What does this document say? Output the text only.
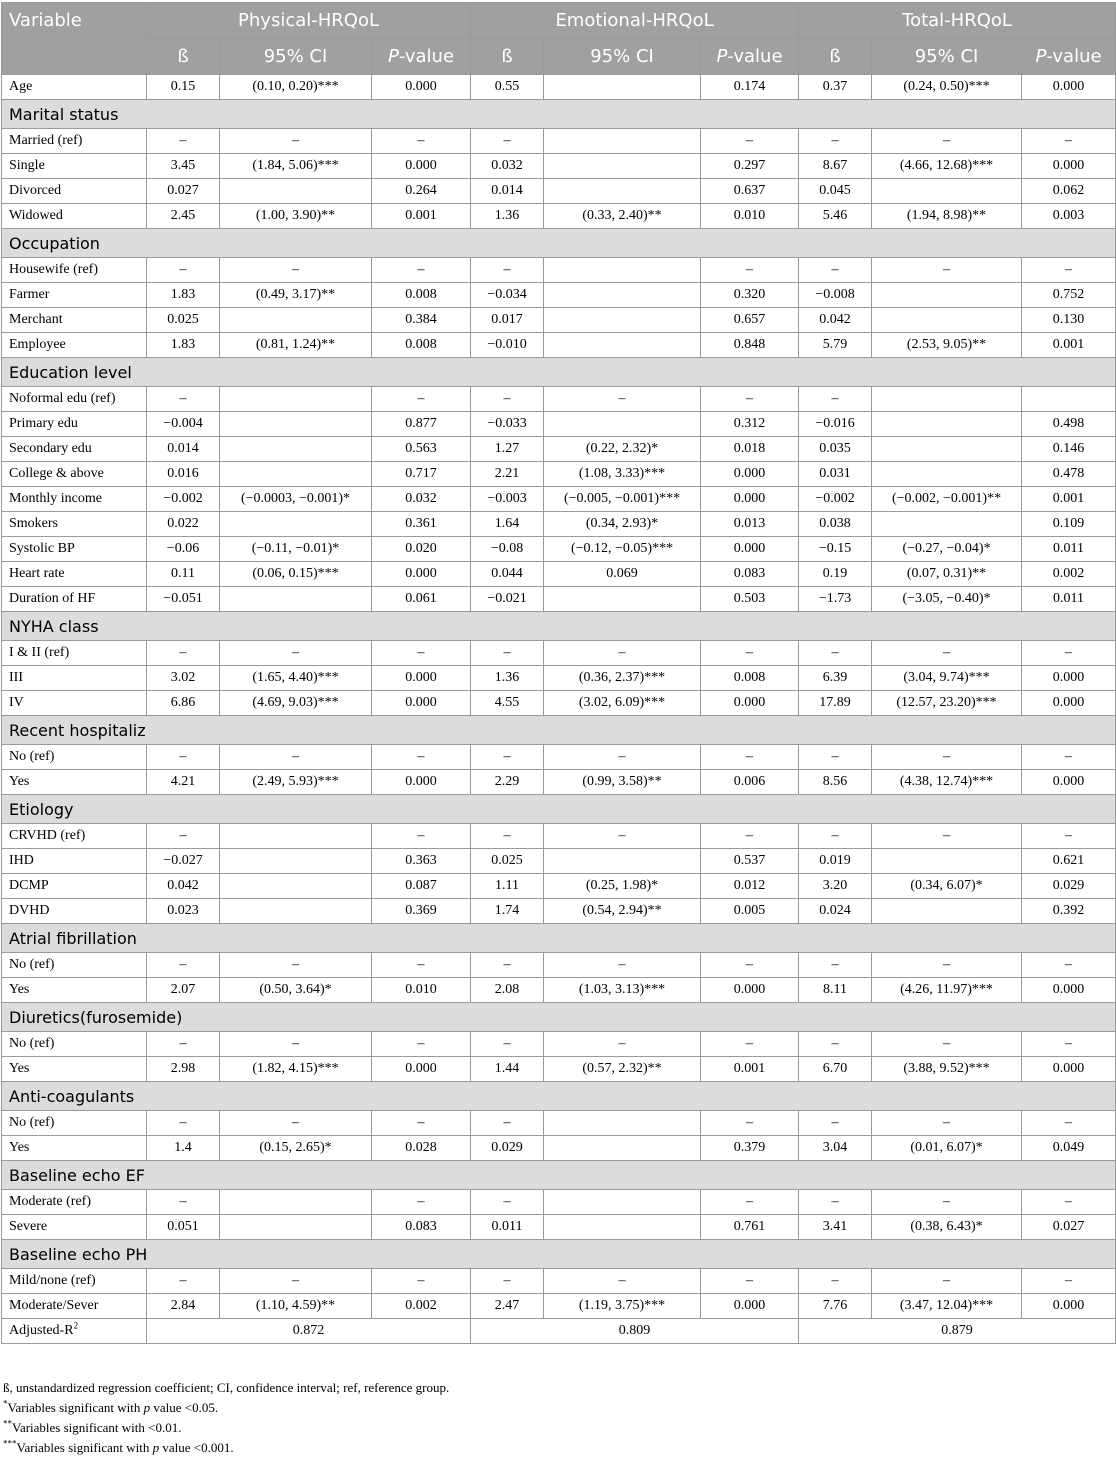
Variable	Physical-HRQoL			Emotional-HRQoL			Total-HRQoL		
	ß	95% CI	P-value	ß	95% CI	P-value	ß	95% CI	P-value
Age	0.15	(0.10, 0.20)***	0.000	0.55		0.174	0.37	(0.24, 0.50)***	0.000
Marital status									
Married (ref)	–	–	–	–		–	–	–	–
Single	3.45	(1.84, 5.06)***	0.000	0.032		0.297	8.67	(4.66, 12.68)***	0.000
Divorced	0.027		0.264	0.014		0.637	0.045		0.062
Widowed	2.45	(1.00, 3.90)**	0.001	1.36	(0.33, 2.40)**	0.010	5.46	(1.94, 8.98)**	0.003
Occupation									
Housewife (ref)	–	–	–	–		–	–	–	–
Farmer	1.83	(0.49, 3.17)**	0.008	−0.034		0.320	−0.008		0.752
Merchant	0.025		0.384	0.017		0.657	0.042		0.130
Employee	1.83	(0.81, 1.24)**	0.008	−0.010		0.848	5.79	(2.53, 9.05)**	0.001
Education level									
Noformal edu (ref)	–		–	–	–	–	–		
Primary edu	−0.004		0.877	−0.033		0.312	−0.016		0.498
Secondary edu	0.014		0.563	1.27	(0.22, 2.32)*	0.018	0.035		0.146
College & above	0.016		0.717	2.21	(1.08, 3.33)***	0.000	0.031		0.478
Monthly income	−0.002	(−0.0003, −0.001)*	0.032	−0.003	(−0.005, −0.001)***	0.000	−0.002	(−0.002, −0.001)**	0.001
Smokers	0.022		0.361	1.64	(0.34, 2.93)*	0.013	0.038		0.109
Systolic BP	−0.06	(−0.11, −0.01)*	0.020	−0.08	(−0.12, −0.05)***	0.000	−0.15	(−0.27, −0.04)*	0.011
Heart rate	0.11	(0.06, 0.15)***	0.000	0.044	0.069	0.083	0.19	(0.07, 0.31)**	0.002
Duration of HF	−0.051		0.061	−0.021		0.503	−1.73	(−3.05, −0.40)*	0.011
NYHA class									
I & II (ref)	–	–	–	–	–	–	–	–	–
III	3.02	(1.65, 4.40)***	0.000	1.36	(0.36, 2.37)***	0.008	6.39	(3.04, 9.74)***	0.000
IV	6.86	(4.69, 9.03)***	0.000	4.55	(3.02, 6.09)***	0.000	17.89	(12.57, 23.20)***	0.000
Recent hospitaliz									
No (ref)	–	–	–	–	–	–	–	–	–
Yes	4.21	(2.49, 5.93)***	0.000	2.29	(0.99, 3.58)**	0.006	8.56	(4.38, 12.74)***	0.000
Etiology									
CRVHD (ref)	–		–	–	–	–	–	–	–
IHD	−0.027		0.363	0.025		0.537	0.019		0.621
DCMP	0.042		0.087	1.11	(0.25, 1.98)*	0.012	3.20	(0.34, 6.07)*	0.029
DVHD	0.023		0.369	1.74	(0.54, 2.94)**	0.005	0.024		0.392
Atrial fibrillation									
No (ref)	–	–	–	–	–	–	–	–	–
Yes	2.07	(0.50, 3.64)*	0.010	2.08	(1.03, 3.13)***	0.000	8.11	(4.26, 11.97)***	0.000
Diuretics(furosemide)									
No (ref)	–	–	–	–	–	–	–	–	–
Yes	2.98	(1.82, 4.15)***	0.000	1.44	(0.57, 2.32)**	0.001	6.70	(3.88, 9.52)***	0.000
Anti-coagulants									
No (ref)	–	–	–	–		–	–	–	–
Yes	1.4	(0.15, 2.65)*	0.028	0.029		0.379	3.04	(0.01, 6.07)*	0.049
Baseline echo EF									
Moderate (ref)	–		–	–		–	–	–	–
Severe	0.051		0.083	0.011		0.761	3.41	(0.38, 6.43)*	0.027
Baseline echo PH									
Mild/none (ref)	–	–	–	–	–	–	–	–	–
Moderate/Sever	2.84	(1.10, 4.59)**	0.002	2.47	(1.19, 3.75)***	0.000	7.76	(3.47, 12.04)***	0.000
Adjusted-$R^2$	0.872			0.809			0.879		
ß, unstandardized regression coefficient; CI, confidence interval; ref, reference group.
*Variables significant with p value <0.05.
**Variables significant with <0.01.
***Variables significant with p value <0.001.
